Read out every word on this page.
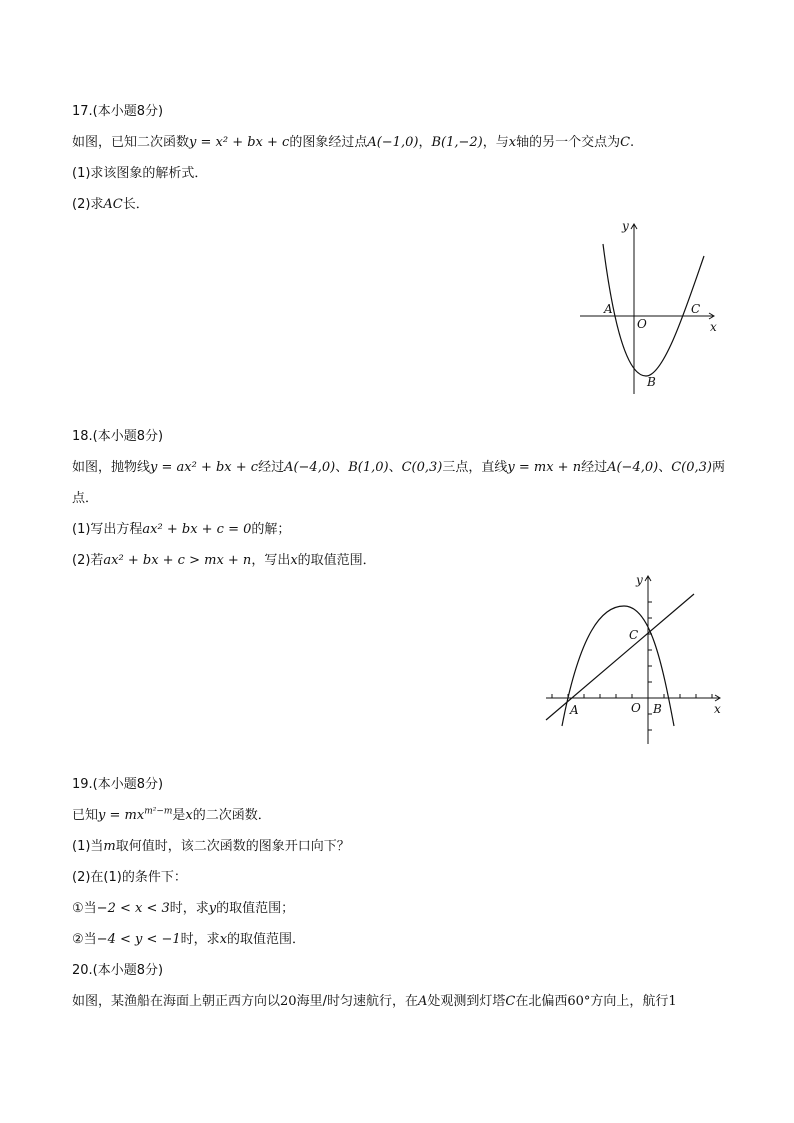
17.(本小题8分)
如图，已知二次函数y = x² + bx + c的图象经过点A(−1,0)，B(1,−2)，与x轴的另一个交点为C.
(1)求该图象的解析式．
(2)求AC长．
y
x
A
O
C
B
18.(本小题8分)
如图，抛物线y = ax² + bx + c经过A(−4,0)、B(1,0)、C(0,3)三点，直线y = mx + n经过A(−4,0)、C(0,3)两
点．
(1)写出方程ax² + bx + c = 0的解；
(2)若ax² + bx + c > mx + n，写出x的取值范围．
y
x
A	O
C
B
19.(本小题8分)
已知$y = mx^{m^2-m}$是x的二次函数．
(1)当m取何值时，该二次函数的图象开口向下？
(2)在(1)的条件下：
①当−2 < x < 3时，求y的取值范围；
②当−4 < y < −1时，求x的取值范围．
20.(本小题8分)
如图，某渔船在海面上朝正西方向以20海里/时匀速航行，在A处观测到灯塔C在北偏西60°方向上，航行1
